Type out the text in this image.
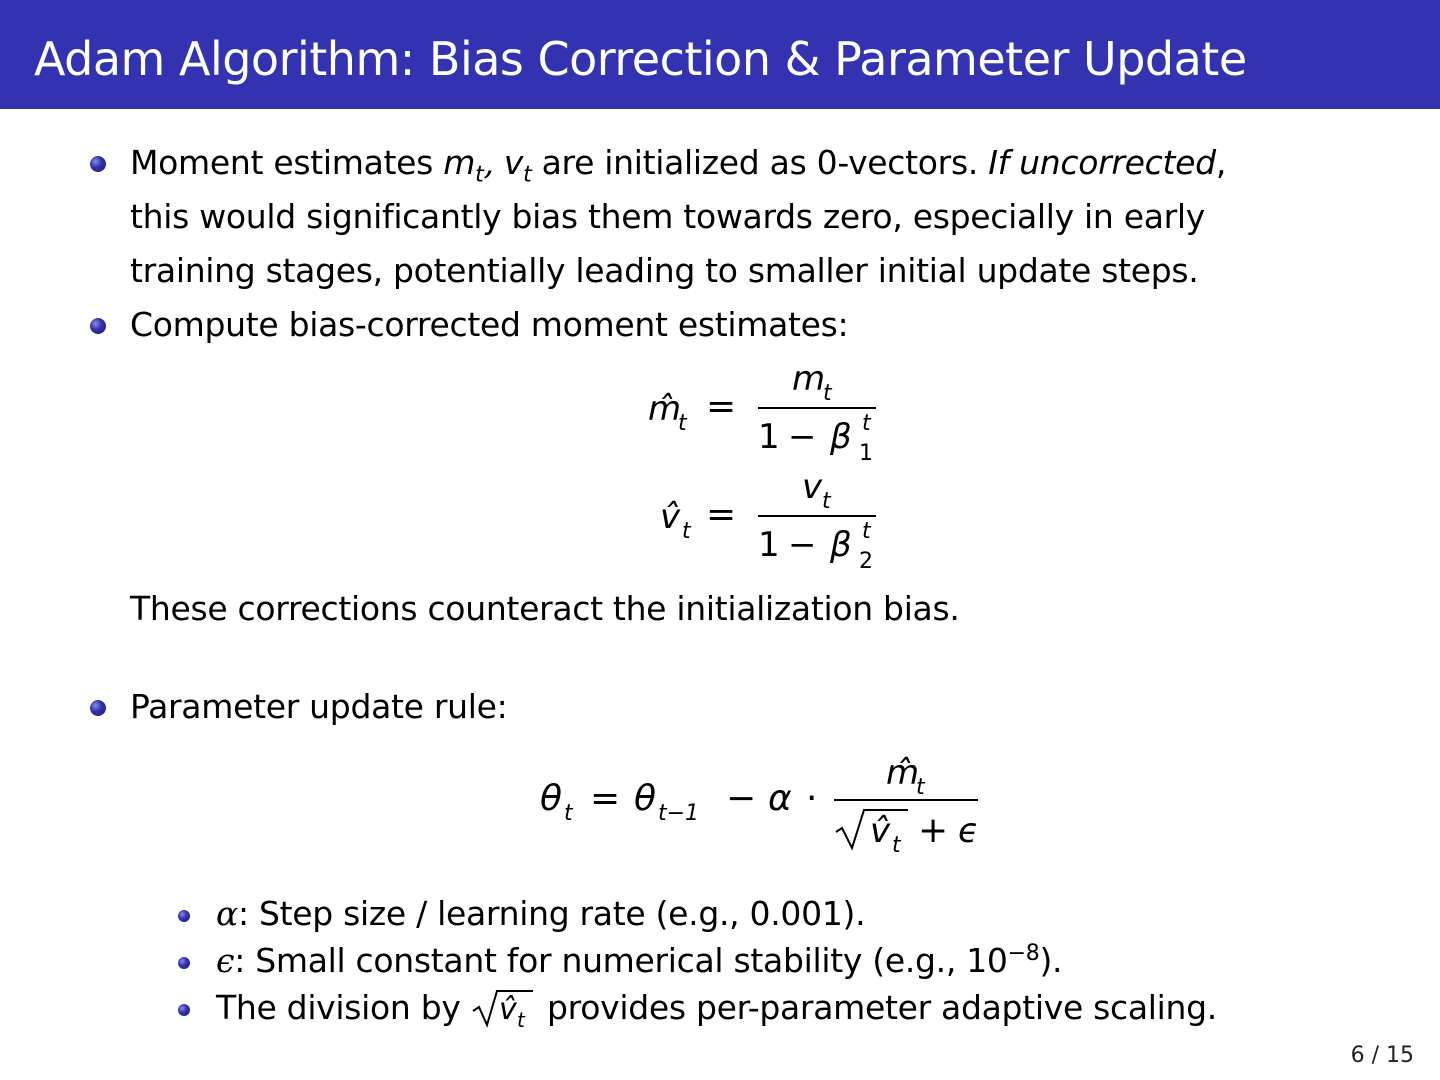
Adam Algorithm: Bias Correction & Parameter Update
Moment estimates $m_t$, $v_t$ are initialized as 0-vectors. If uncorrected,
this would significantly bias them towards zero, especially in early
training stages, potentially leading to smaller initial update steps.
Compute bias-corrected moment estimates:
m̂
t =
m
t
1 − β t
1
v̂ t =
v t
1 − β t
2
These corrections counteract the initialization bias.
Parameter update rule:
θ t = θ t−1 − α ·
m̂
t
v̂ t + ϵ
α: Step size / learning rate (e.g., 0.001).
ϵ: Small constant for numerical stability (e.g., $10^{-8}$).
The division by v̂ t provides per-parameter adaptive scaling.
6 / 15
